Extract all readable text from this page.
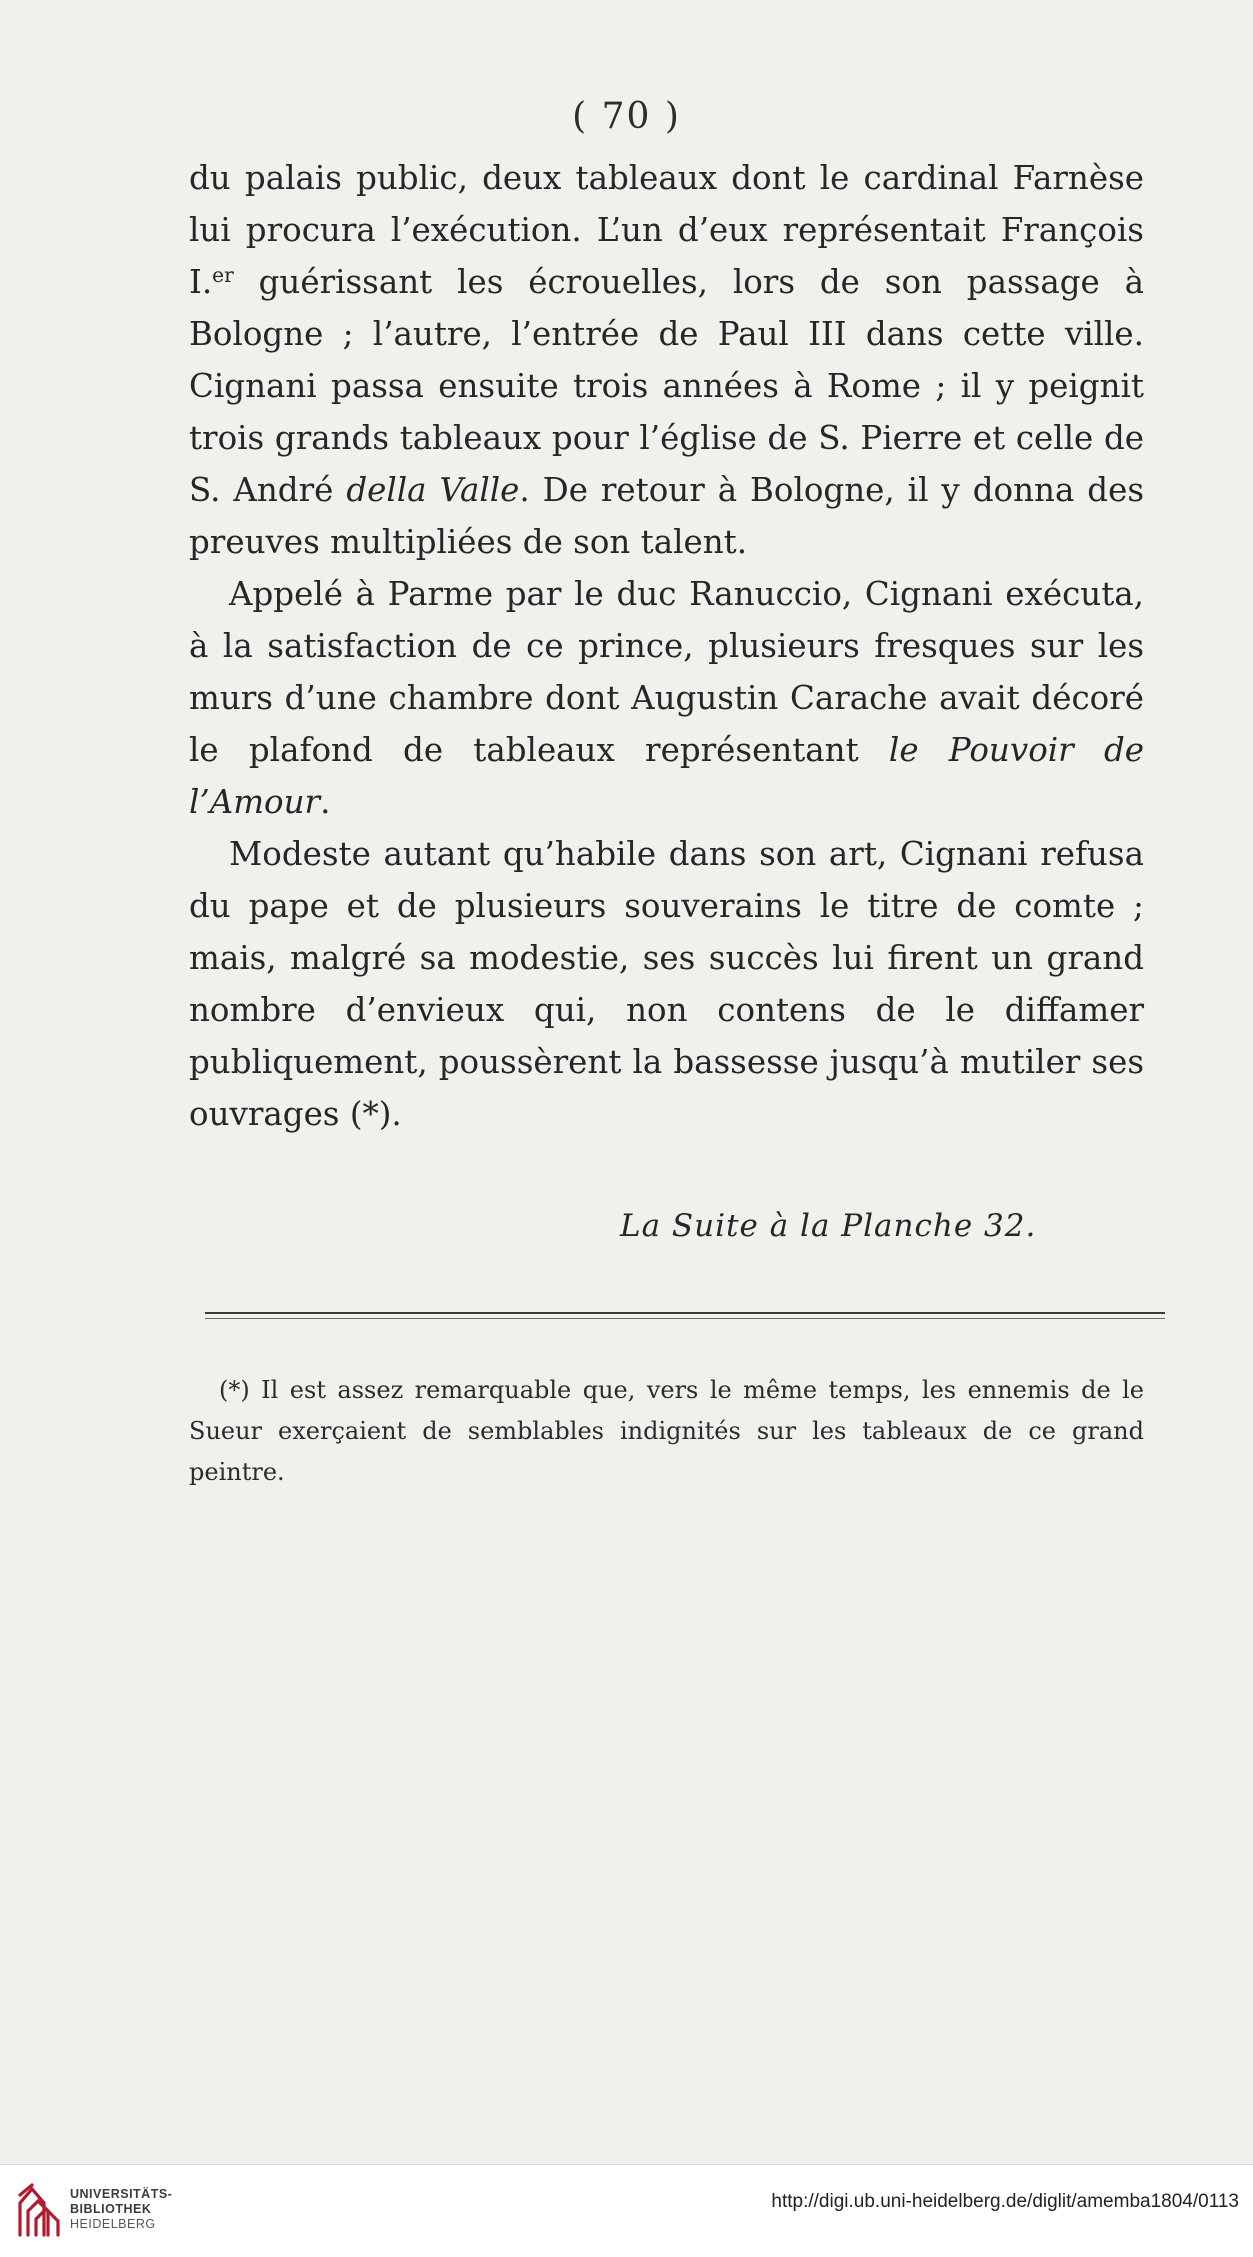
( 70 )

du palais public, deux tableaux dont le cardinal Farnèse lui procura l’exécution. L’un d’eux représentait François I.$^{er}$ guérissant les écrouelles, lors de son passage à Bologne ; l’autre, l’entrée de Paul III dans cette ville. Cignani passa ensuite trois années à Rome ; il y peignit trois grands tableaux pour l’église de S. Pierre et celle de S. André della Valle. De retour à Bologne, il y donna des preuves multipliées de son talent.

Appelé à Parme par le duc Ranuccio, Cignani exécuta, à la satisfaction de ce prince, plusieurs fresques sur les murs d’une chambre dont Augustin Carache avait décoré le plafond de tableaux représentant le Pouvoir de l’Amour.

Modeste autant qu’habile dans son art, Cignani refusa du pape et de plusieurs souverains le titre de comte ; mais, malgré sa modestie, ses succès lui firent un grand nombre d’envieux qui, non contens de le diffamer publiquement, poussèrent la bassesse jusqu’à mutiler ses ouvrages (*).

La Suite à la Planche 32.

(*) Il est assez remarquable que, vers le même temps, les ennemis de le Sueur exerçaient de semblables indignités sur les tableaux de ce grand peintre.

UNIVERSITÄTS-
BIBLIOTHEK
HEIDELBERG
http://digi.ub.uni-heidelberg.de/diglit/amemba1804/0113
